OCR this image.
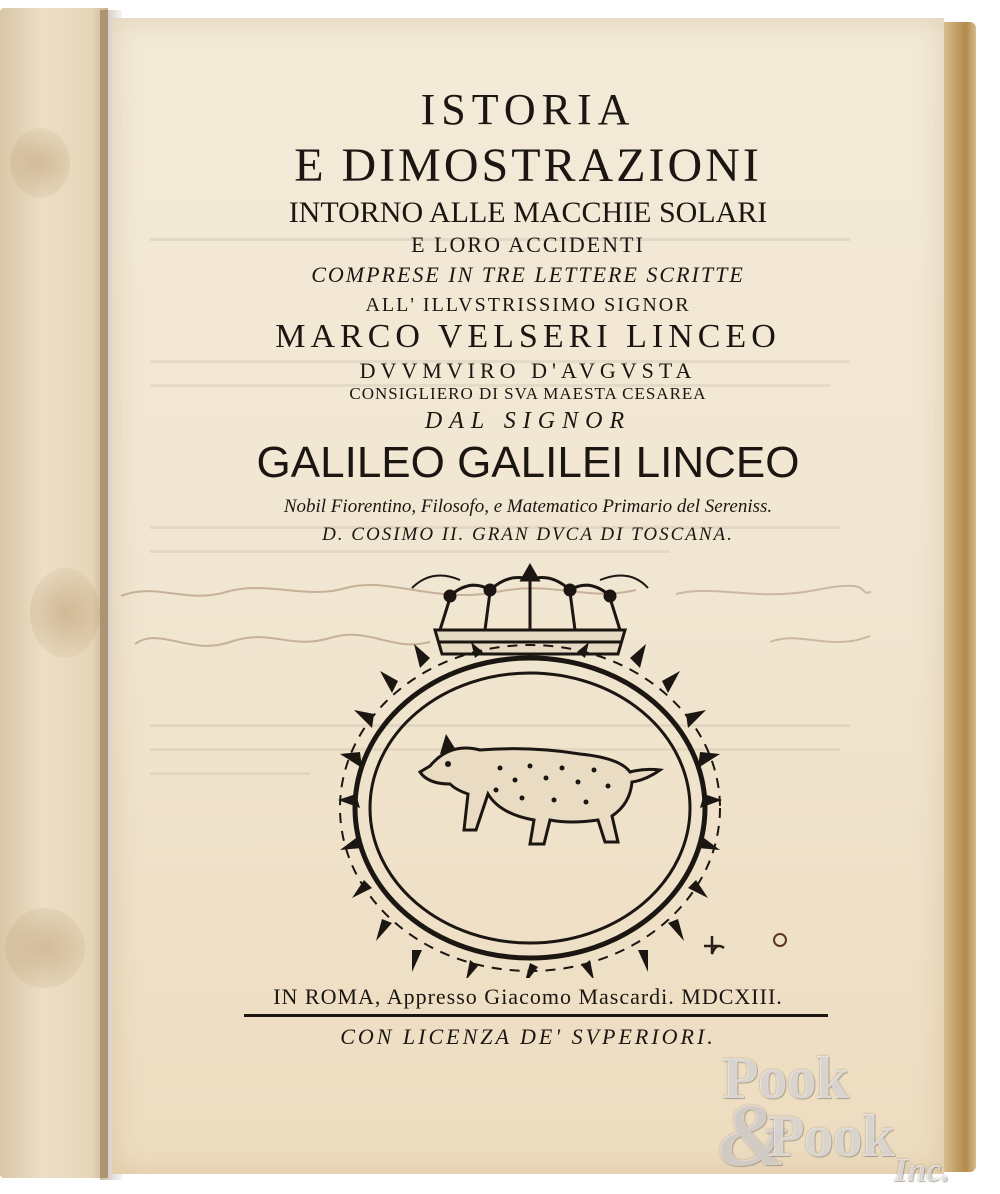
ISTORIA
E DIMOSTRAZIONI
INTORNO ALLE MACCHIE SOLARI
E LORO ACCIDENTI
COMPRESE IN TRE LETTERE SCRITTE
ALL' ILLVSTRISSIMO SIGNOR
MARCO VELSERI LINCEO
DVVMVIRO D'AVGVSTA
CONSIGLIERO DI SVA MAESTA CESAREA
DAL SIGNOR
GALILEO GALILEI LINCEO
Nobil Fiorentino, Filosofo, e Matematico Primario del Sereniss.
D. COSIMO II. GRAN DVCA DI TOSCANA.
IN ROMA, Appresso Giacomo Mascardi. MDCXIII.
CON LICENZA DE' SVPERIORI.
&
Pook
Pook
Inc.
